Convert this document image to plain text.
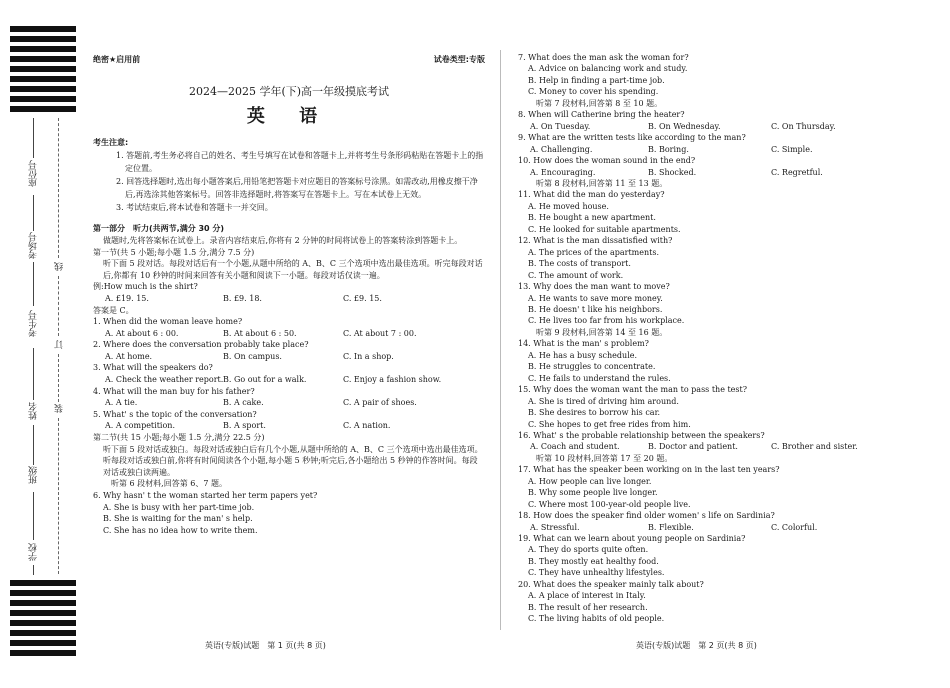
座位号
考场号
考生号
姓名
班级
学校
线
订
装
绝密★启用前	试卷类型:专版
2024—2025 学年(下)高一年级摸底考试
英 语
考生注意:
1. 答题前,考生务必将自己的姓名、考生号填写在试卷和答题卡上,并将考生号条形码粘贴在答题卡上的指定位置。
2. 回答选择题时,选出每小题答案后,用铅笔把答题卡对应题目的答案标号涂黑。如需改动,用橡皮擦干净后,再选涂其他答案标号。回答非选择题时,将答案写在答题卡上。写在本试卷上无效。
3. 考试结束后,将本试卷和答题卡一并交回。
第一部分　听力(共两节,满分 30 分)
做题时,先将答案标在试卷上。录音内容结束后,你将有 2 分钟的时间将试卷上的答案转涂到答题卡上。
第一节(共 5 小题;每小题 1.5 分,满分 7.5 分)
听下面 5 段对话。每段对话后有一个小题,从题中所给的 A、B、C 三个选项中选出最佳选项。听完每段对话后,你都有 10 秒钟的时间来回答有关小题和阅读下一小题。每段对话仅读一遍。
例:How much is the shirt?
A. £19. 15.	B. £9. 18.	C. £9. 15.
答案是 C。
1. When did the woman leave home?
A. At about 6 : 00.	B. At about 6 : 50.	C. At about 7 : 00.
2. Where does the conversation probably take place?
A. At home.	B. On campus.	C. In a shop.
3. What will the speakers do?
A. Check the weather report. B. Go out for a walk.	C. Enjoy a fashion show.
4. What will the man buy for his father?
A. A tie.	B. A cake.	C. A pair of shoes.
5. What' s the topic of the conversation?
A. A competition.	B. A sport.	C. A nation.
第二节(共 15 小题;每小题 1.5 分,满分 22.5 分)
听下面 5 段对话或独白。每段对话或独白后有几个小题,从题中所给的 A、B、C 三个选项中选出最佳选项。听每段对话或独白前,你将有时间阅读各个小题,每小题 5 秒钟;听完后,各小题给出 5 秒钟的作答时间。每段对话或独白读两遍。
听第 6 段材料,回答第 6、7 题。
6. Why hasn' t the woman started her term papers yet?
A. She is busy with her part-time job.
B. She is waiting for the man' s help.
C. She has no idea how to write them.
7. What does the man ask the woman for?
A. Advice on balancing work and study.
B. Help in finding a part-time job.
C. Money to cover his spending.
听第 7 段材料,回答第 8 至 10 题。
8. When will Catherine bring the heater?
A. On Tuesday.	B. On Wednesday.	C. On Thursday.
9. What are the written tests like according to the man?
A. Challenging.	B. Boring.	C. Simple.
10. How does the woman sound in the end?
A. Encouraging.	B. Shocked.	C. Regretful.
听第 8 段材料,回答第 11 至 13 题。
11. What did the man do yesterday?
A. He moved house.
B. He bought a new apartment.
C. He looked for suitable apartments.
12. What is the man dissatisfied with?
A. The prices of the apartments.
B. The costs of transport.
C. The amount of work.
13. Why does the man want to move?
A. He wants to save more money.
B. He doesn' t like his neighbors.
C. He lives too far from his workplace.
听第 9 段材料,回答第 14 至 16 题。
14. What is the man' s problem?
A. He has a busy schedule.
B. He struggles to concentrate.
C. He fails to understand the rules.
15. Why does the woman want the man to pass the test?
A. She is tired of driving him around.
B. She desires to borrow his car.
C. She hopes to get free rides from him.
16. What' s the probable relationship between the speakers?
A. Coach and student.	B. Doctor and patient.	C. Brother and sister.
听第 10 段材料,回答第 17 至 20 题。
17. What has the speaker been working on in the last ten years?
A. How people can live longer.
B. Why some people live longer.
C. Where most 100-year-old people live.
18. How does the speaker find older women' s life on Sardinia?
A. Stressful.	B. Flexible.	C. Colorful.
19. What can we learn about young people on Sardinia?
A. They do sports quite often.
B. They mostly eat healthy food.
C. They have unhealthy lifestyles.
20. What does the speaker mainly talk about?
A. A place of interest in Italy.
B. The result of her research.
C. The living habits of old people.
英语(专版)试题　第 1 页(共 8 页)	英语(专版)试题　第 2 页(共 8 页)
